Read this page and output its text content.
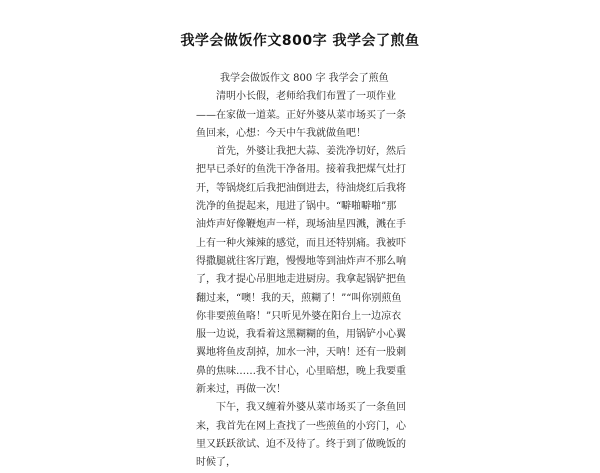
我学会做饭作文800字 我学会了煎鱼
我学会做饭作文 800 字 我学会了煎鱼

清明小长假，老师给我们布置了一项作业——在家做一道菜。正好外婆从菜市场买了一条鱼回来，心想：今天中午我就做鱼吧！

首先，外婆让我把大蒜、姜洗净切好，然后把早已杀好的鱼洗干净备用。接着我把煤气灶打开，等锅烧红后我把油倒进去，待油烧红后我将洗净的鱼提起来，甩进了锅中。“噼啪噼啪”那油炸声好像鞭炮声一样，现场油星四溅，溅在手上有一种火辣辣的感觉，而且还特别痛。我被吓得撒腿就往客厅跑，慢慢地等到油炸声不那么响了，我才提心吊胆地走进厨房。我拿起锅铲把鱼翻过来，“噢！我的天，煎糊了！”“叫你别煎鱼你非要煎鱼咯！”只听见外婆在阳台上一边凉衣服一边说，我看着这黑糊糊的鱼，用锅铲小心翼翼地将鱼皮刮掉，加水一沖，天呐！还有一股刺鼻的焦味……我不甘心，心里暗想，晚上我要重新来过，再做一次！

下午，我又缠着外婆从菜市场买了一条鱼回来，我首先在网上查找了一些煎鱼的小窍门，心里又跃跃欲试、迫不及待了。终于到了做晚饭的时候了，
